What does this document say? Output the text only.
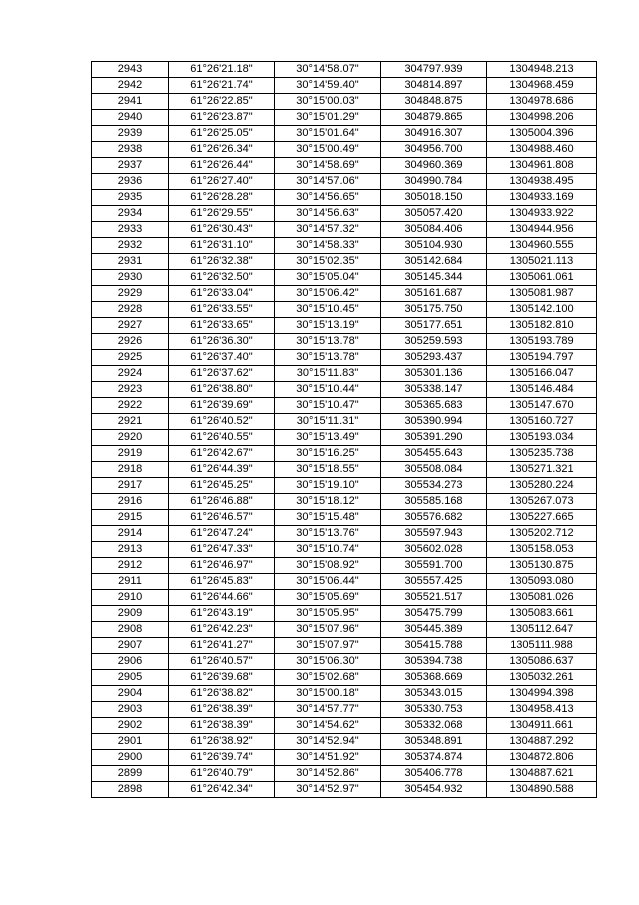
2943	61°26'21.18"	30°14'58.07"	304797.939	1304948.213
2942	61°26'21.74"	30°14'59.40"	304814.897	1304968.459
2941	61°26'22.85"	30°15'00.03"	304848.875	1304978.686
2940	61°26'23.87"	30°15'01.29"	304879.865	1304998.206
2939	61°26'25.05"	30°15'01.64"	304916.307	1305004.396
2938	61°26'26.34"	30°15'00.49"	304956.700	1304988.460
2937	61°26'26.44"	30°14'58.69"	304960.369	1304961.808
2936	61°26'27.40"	30°14'57.06"	304990.784	1304938.495
2935	61°26'28.28"	30°14'56.65"	305018.150	1304933.169
2934	61°26'29.55"	30°14'56.63"	305057.420	1304933.922
2933	61°26'30.43"	30°14'57.32"	305084.406	1304944.956
2932	61°26'31.10"	30°14'58.33"	305104.930	1304960.555
2931	61°26'32.38"	30°15'02.35"	305142.684	1305021.113
2930	61°26'32.50"	30°15'05.04"	305145.344	1305061.061
2929	61°26'33.04"	30°15'06.42"	305161.687	1305081.987
2928	61°26'33.55"	30°15'10.45"	305175.750	1305142.100
2927	61°26'33.65"	30°15'13.19"	305177.651	1305182.810
2926	61°26'36.30"	30°15'13.78"	305259.593	1305193.789
2925	61°26'37.40"	30°15'13.78"	305293.437	1305194.797
2924	61°26'37.62"	30°15'11.83"	305301.136	1305166.047
2923	61°26'38.80"	30°15'10.44"	305338.147	1305146.484
2922	61°26'39.69"	30°15'10.47"	305365.683	1305147.670
2921	61°26'40.52"	30°15'11.31"	305390.994	1305160.727
2920	61°26'40.55"	30°15'13.49"	305391.290	1305193.034
2919	61°26'42.67"	30°15'16.25"	305455.643	1305235.738
2918	61°26'44.39"	30°15'18.55"	305508.084	1305271.321
2917	61°26'45.25"	30°15'19.10"	305534.273	1305280.224
2916	61°26'46.88"	30°15'18.12"	305585.168	1305267.073
2915	61°26'46.57"	30°15'15.48"	305576.682	1305227.665
2914	61°26'47.24"	30°15'13.76"	305597.943	1305202.712
2913	61°26'47.33"	30°15'10.74"	305602.028	1305158.053
2912	61°26'46.97"	30°15'08.92"	305591.700	1305130.875
2911	61°26'45.83"	30°15'06.44"	305557.425	1305093.080
2910	61°26'44.66"	30°15'05.69"	305521.517	1305081.026
2909	61°26'43.19"	30°15'05.95"	305475.799	1305083.661
2908	61°26'42.23"	30°15'07.96"	305445.389	1305112.647
2907	61°26'41.27"	30°15'07.97"	305415.788	1305111.988
2906	61°26'40.57"	30°15'06.30"	305394.738	1305086.637
2905	61°26'39.68"	30°15'02.68"	305368.669	1305032.261
2904	61°26'38.82"	30°15'00.18"	305343.015	1304994.398
2903	61°26'38.39"	30°14'57.77"	305330.753	1304958.413
2902	61°26'38.39"	30°14'54.62"	305332.068	1304911.661
2901	61°26'38.92"	30°14'52.94"	305348.891	1304887.292
2900	61°26'39.74"	30°14'51.92"	305374.874	1304872.806
2899	61°26'40.79"	30°14'52.86"	305406.778	1304887.621
2898	61°26'42.34"	30°14'52.97"	305454.932	1304890.588
